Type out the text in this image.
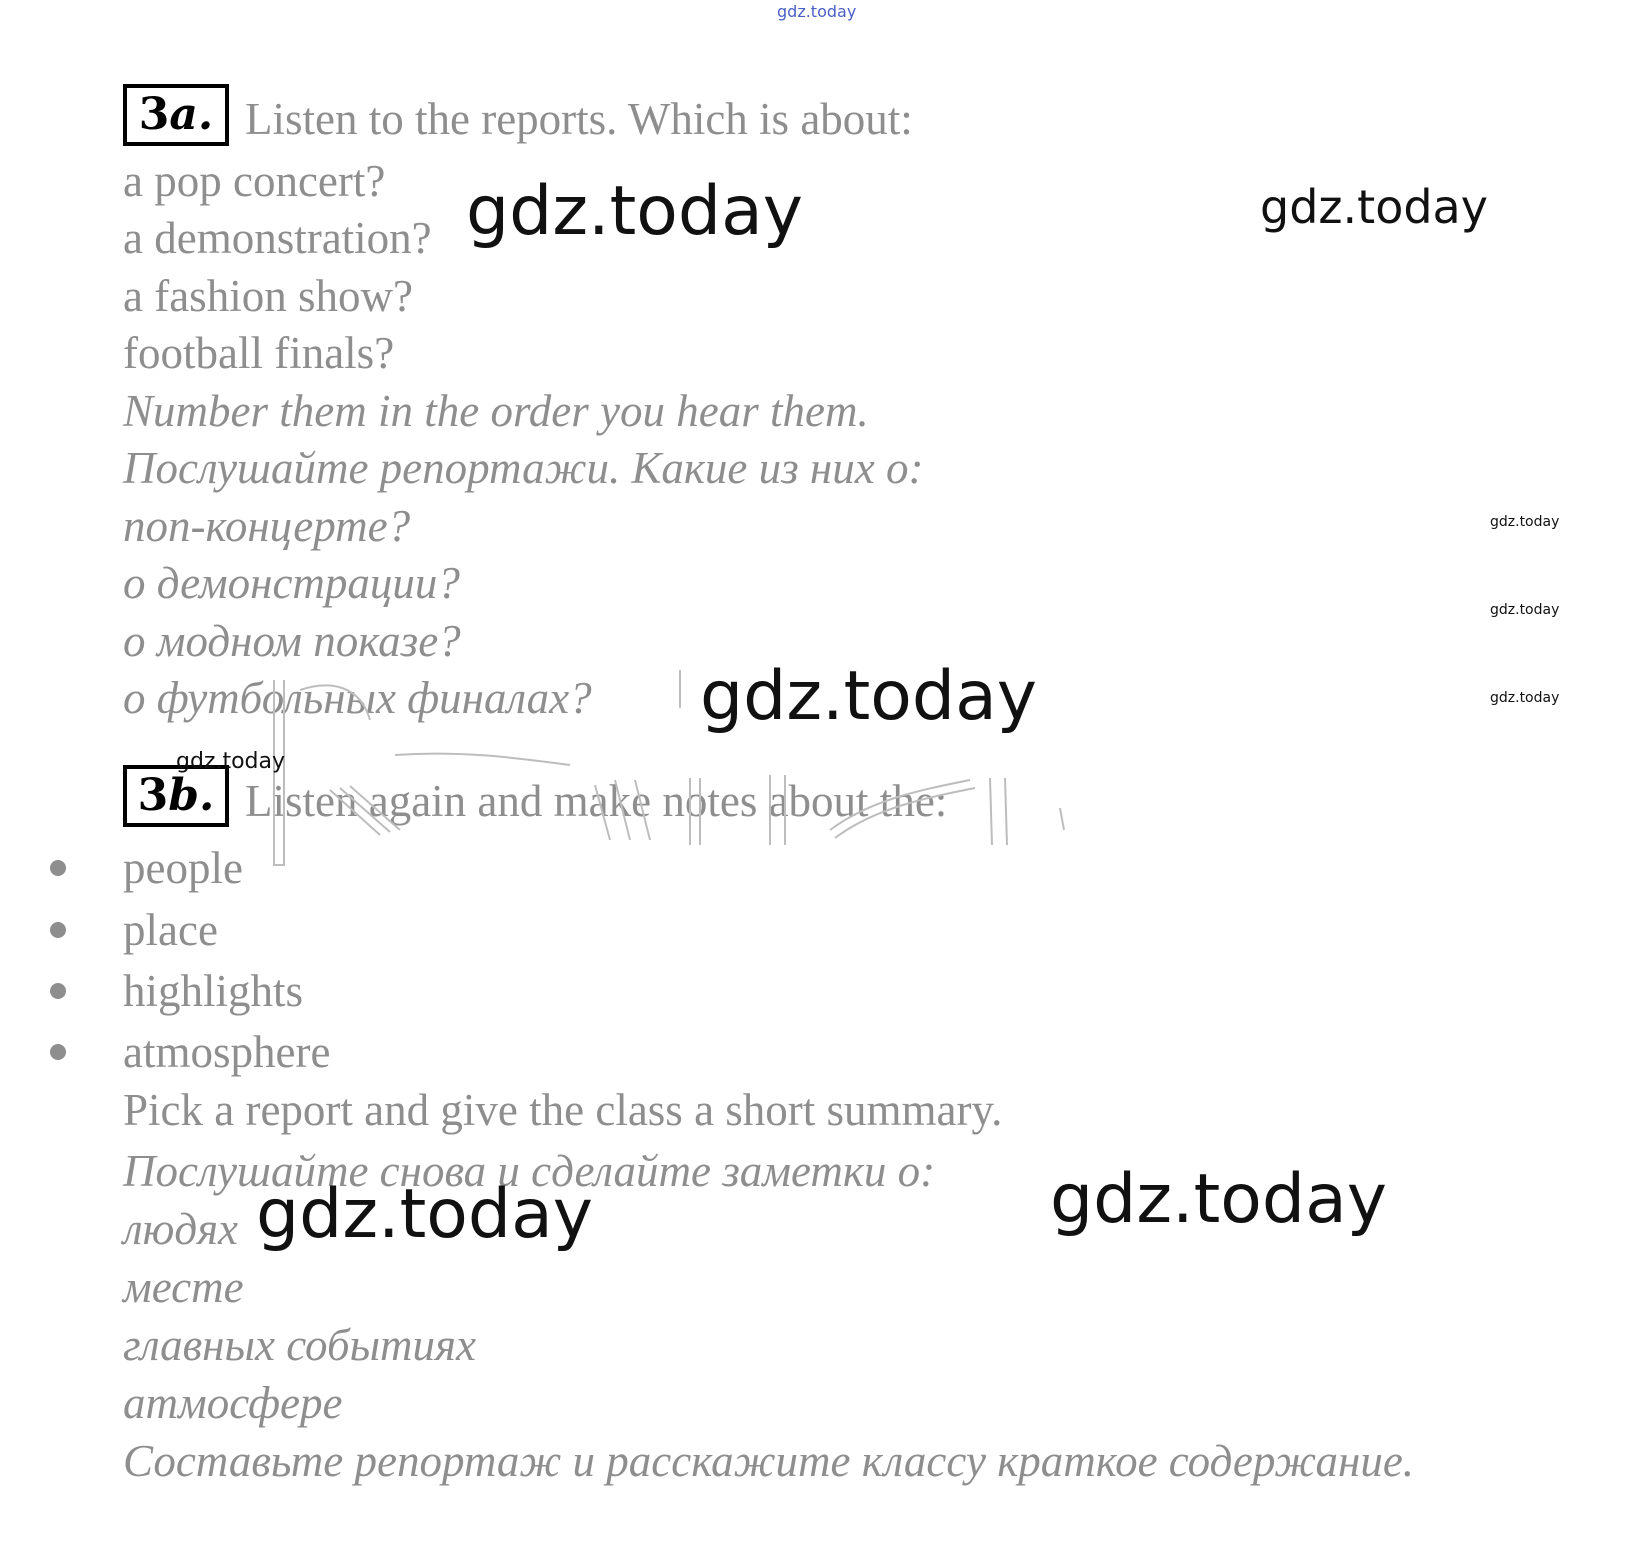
3a. Listen to the reports. Which is about:
a pop concert?
a demonstration?
a fashion show?
football finals?
Number them in the order you hear them.
Послушайте репортажи. Какие из них о:
поп-концерте?
о демонстрации?
о модном показе?
о футбольных финалах?
3b. Listen again and make notes about the:
people
place
highlights
atmosphere
Pick a report and give the class a short summary.
Послушайте снова и сделайте заметки о:
людях
месте
главных событиях
атмосфере
Составьте репортаж и расскажите классу краткое содержание.
gdz.today
gdz.today	gdz.today
gdz.today
gdz.today
gdz.today
gdz.today
gdz.today
gdz.today	gdz.today
